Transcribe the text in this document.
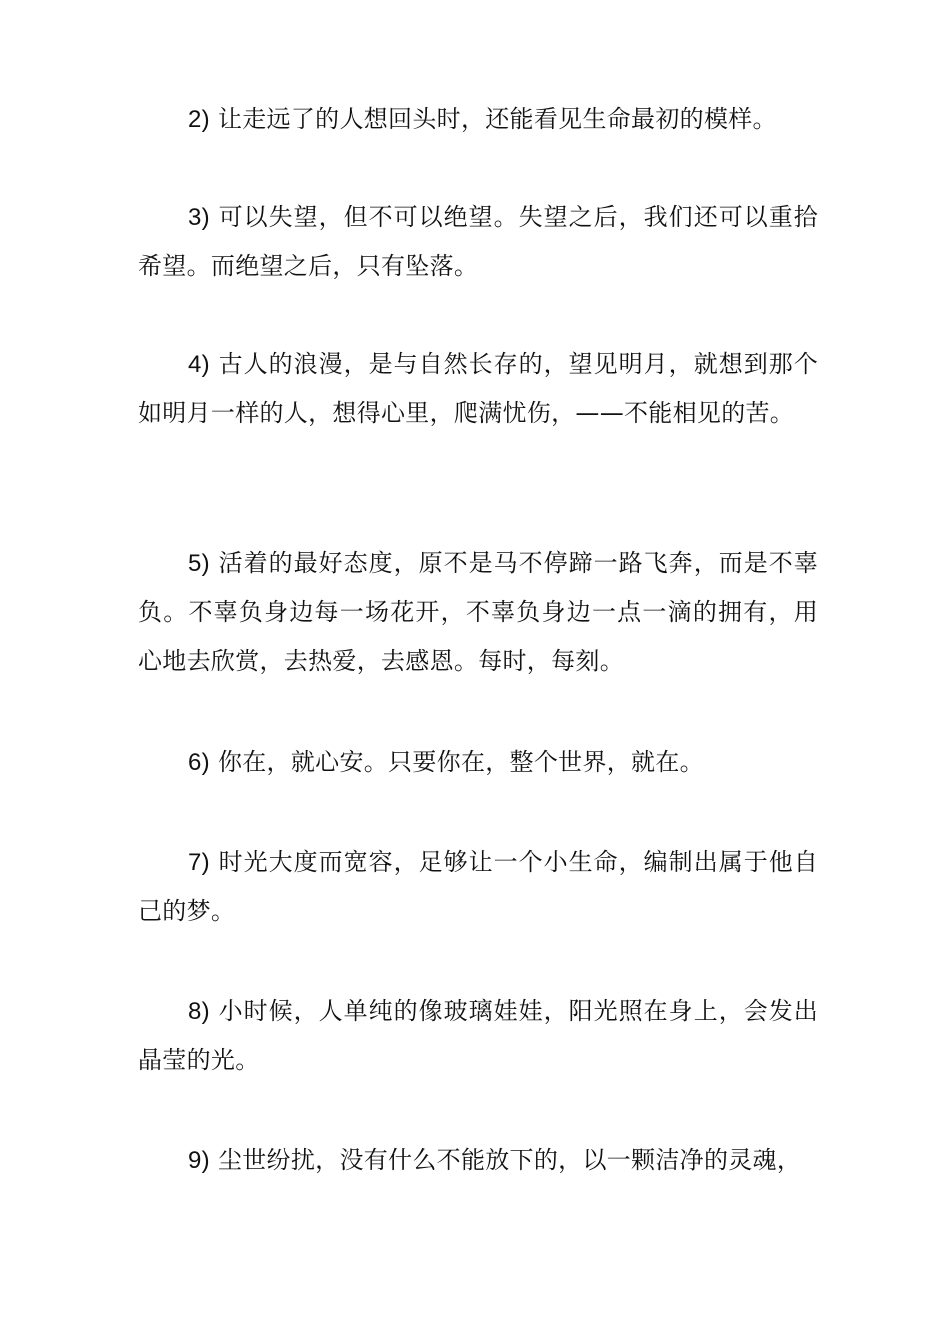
2) 让走远了的人想回头时，还能看见生命最初的模样。

3) 可以失望，但不可以绝望。失望之后，我们还可以重拾希望。而绝望之后，只有坠落。

4) 古人的浪漫，是与自然长存的，望见明月，就想到那个如明月一样的人，想得心里，爬满忧伤，——不能相见的苦。

5) 活着的最好态度，原不是马不停蹄一路飞奔，而是不辜负。不辜负身边每一场花开，不辜负身边一点一滴的拥有，用心地去欣赏，去热爱，去感恩。每时，每刻。

6) 你在，就心安。只要你在，整个世界，就在。

7) 时光大度而宽容，足够让一个小生命，编制出属于他自己的梦。

8) 小时候，人单纯的像玻璃娃娃，阳光照在身上，会发出晶莹的光。

9) 尘世纷扰，没有什么不能放下的，以一颗洁净的灵魂，
